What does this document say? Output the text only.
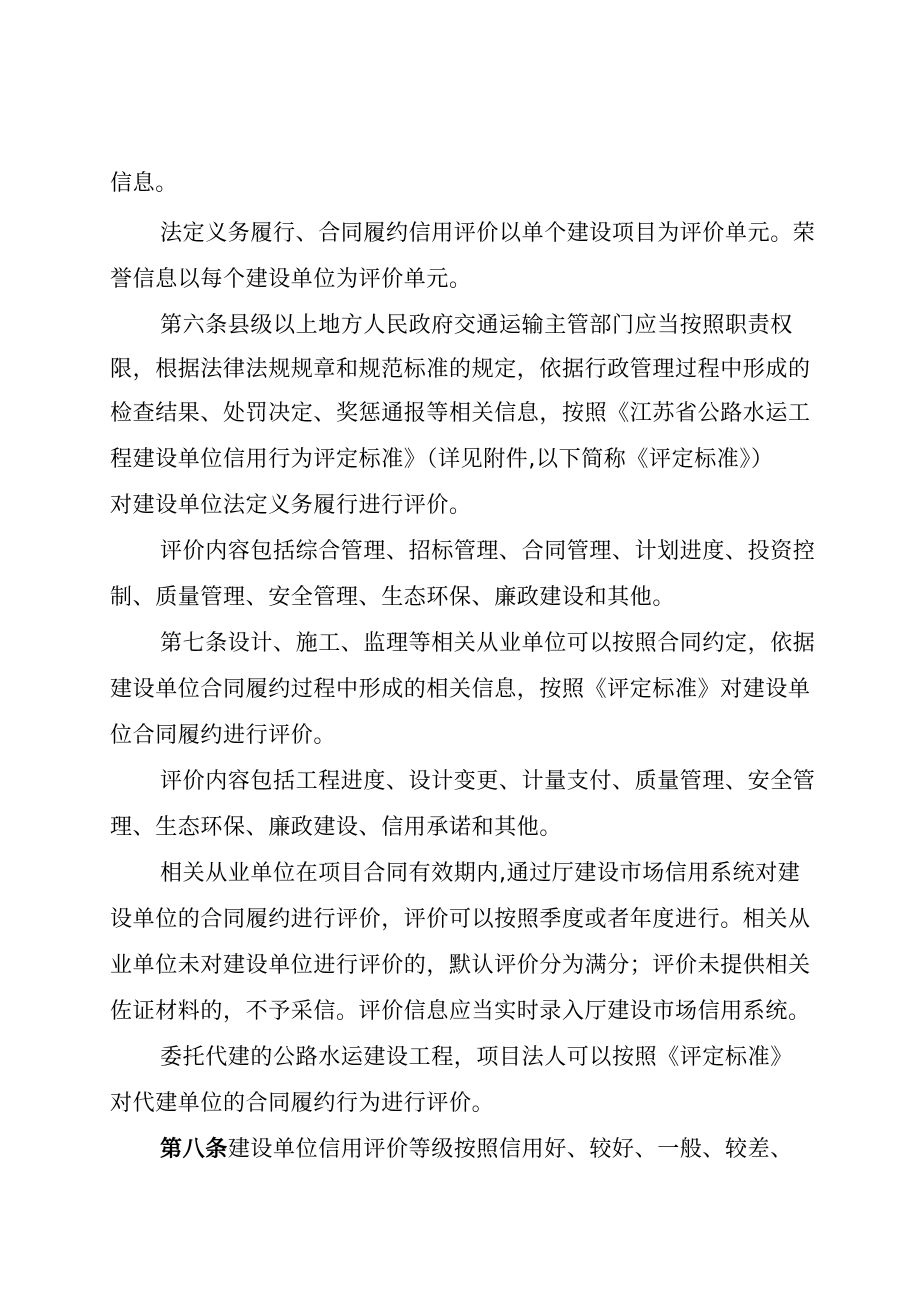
信息。
法定义务履行、合同履约信用评价以单个建设项目为评价单元。荣
誉信息以每个建设单位为评价单元。
第六条县级以上地方人民政府交通运输主管部门应当按照职责权
限，根据法律法规规章和规范标准的规定，依据行政管理过程中形成的
检查结果、处罚决定、奖惩通报等相关信息，按照《江苏省公路水运工
程建设单位信用行为评定标准》（详见附件,以下简称《评定标准》）
对建设单位法定义务履行进行评价。
评价内容包括综合管理、招标管理、合同管理、计划进度、投资控
制、质量管理、安全管理、生态环保、廉政建设和其他。
第七条设计、施工、监理等相关从业单位可以按照合同约定，依据
建设单位合同履约过程中形成的相关信息，按照《评定标准》对建设单
位合同履约进行评价。
评价内容包括工程进度、设计变更、计量支付、质量管理、安全管
理、生态环保、廉政建设、信用承诺和其他。
相关从业单位在项目合同有效期内,通过厅建设市场信用系统对建
设单位的合同履约进行评价，评价可以按照季度或者年度进行。相关从
业单位未对建设单位进行评价的，默认评价分为满分；评价未提供相关
佐证材料的，不予采信。评价信息应当实时录入厅建设市场信用系统。
委托代建的公路水运建设工程，项目法人可以按照《评定标准》
对代建单位的合同履约行为进行评价。
第八条建设单位信用评价等级按照信用好、较好、一般、较差、
